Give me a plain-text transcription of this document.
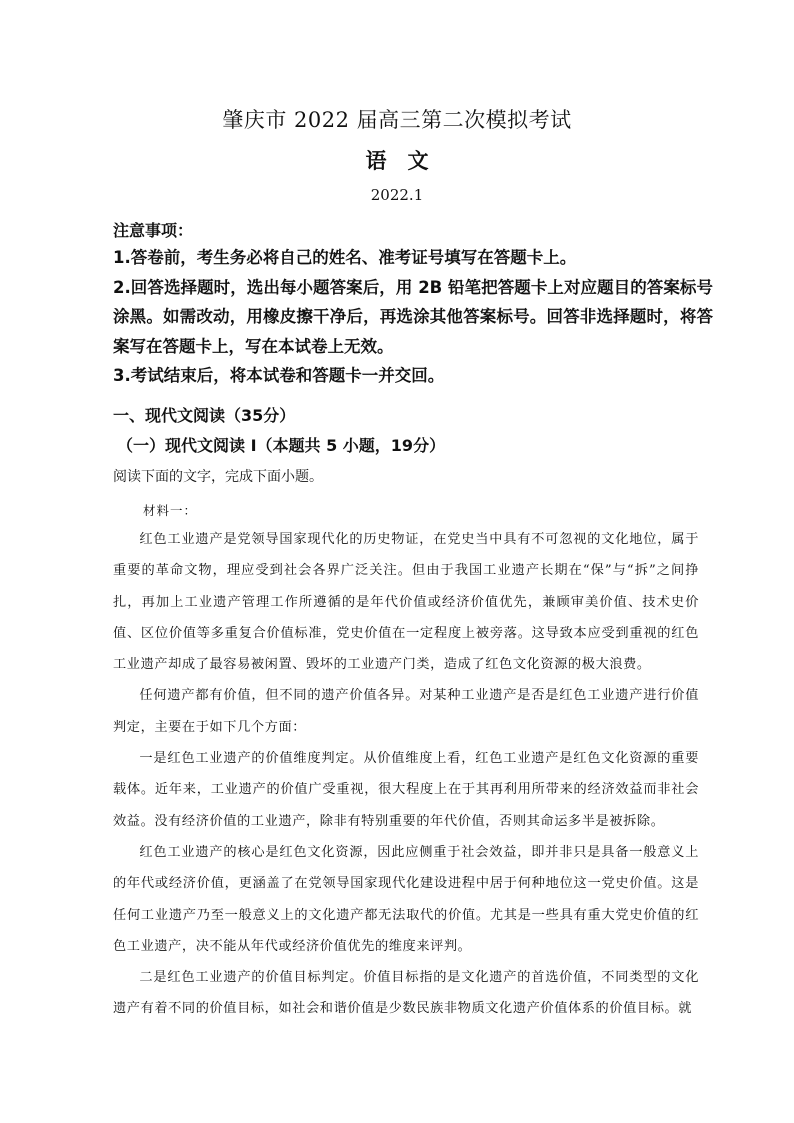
肇庆市 2022 届高三第二次模拟考试
语　文
2022.1
注意事项：

1.答卷前，考生务必将自己的姓名、准考证号填写在答题卡上。

2.回答选择题时，选出每小题答案后，用 2B 铅笔把答题卡上对应题目的答案标号涂黑。如需改动，用橡皮擦干净后，再选涂其他答案标号。回答非选择题时，将答案写在答题卡上，写在本试卷上无效。

3.考试结束后，将本试卷和答题卡一并交回。

一、现代文阅读（35分）
（一）现代文阅读 I（本题共 5 小题，19分）
阅读下面的文字，完成下面小题。
材料一：

红色工业遗产是党领导国家现代化的历史物证，在党史当中具有不可忽视的文化地位，属于重要的革命文物，理应受到社会各界广泛关注。但由于我国工业遗产长期在“保”与“拆”之间挣扎，再加上工业遗产管理工作所遵循的是年代价值或经济价值优先，兼顾审美价值、技术史价值、区位价值等多重复合价值标准，党史价值在一定程度上被旁落。这导致本应受到重视的红色工业遗产却成了最容易被闲置、毁坏的工业遗产门类，造成了红色文化资源的极大浪费。

任何遗产都有价值，但不同的遗产价值各异。对某种工业遗产是否是红色工业遗产进行价值判定，主要在于如下几个方面：

一是红色工业遗产的价值维度判定。从价值维度上看，红色工业遗产是红色文化资源的重要载体。近年来，工业遗产的价值广受重视，很大程度上在于其再利用所带来的经济效益而非社会效益。没有经济价值的工业遗产，除非有特别重要的年代价值，否则其命运多半是被拆除。

红色工业遗产的核心是红色文化资源，因此应侧重于社会效益，即并非只是具备一般意义上的年代或经济价值，更涵盖了在党领导国家现代化建设进程中居于何种地位这一党史价值。这是任何工业遗产乃至一般意义上的文化遗产都无法取代的价值。尤其是一些具有重大党史价值的红色工业遗产，决不能从年代或经济价值优先的维度来评判。

二是红色工业遗产的价值目标判定。价值目标指的是文化遗产的首选价值，不同类型的文化遗产有着不同的价值目标，如社会和谐价值是少数民族非物质文化遗产价值体系的价值目标。就
